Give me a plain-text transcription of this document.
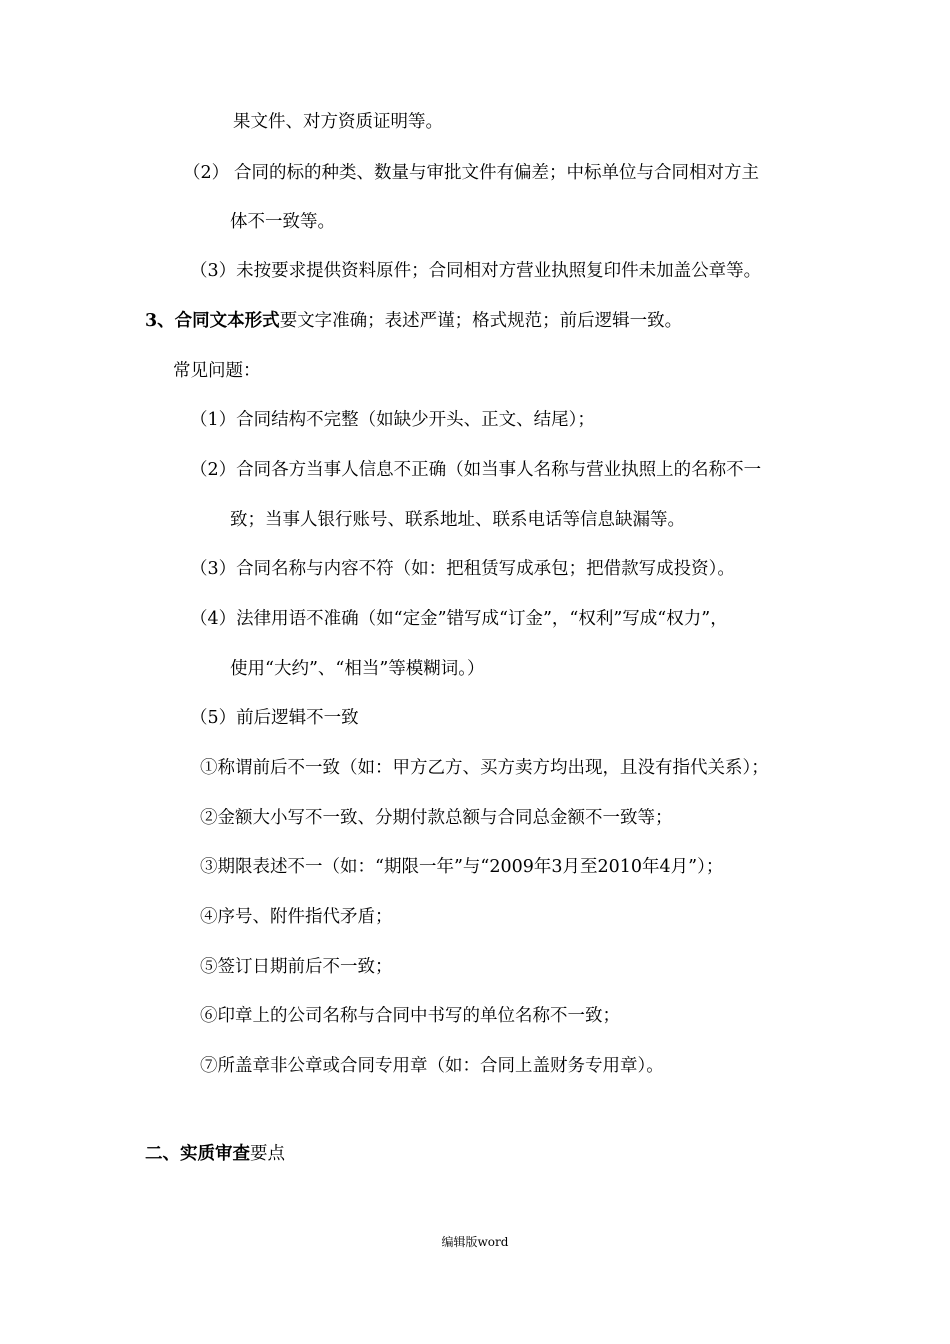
果文件、对方资质证明等。
（2） 合同的标的种类、数量与审批文件有偏差；中标单位与合同相对方主
体不一致等。
（3）未按要求提供资料原件；合同相对方营业执照复印件未加盖公章等。
3、合同文本形式要文字准确；表述严谨；格式规范；前后逻辑一致。
常见问题：
（1）合同结构不完整（如缺少开头、正文、结尾）；
（2）合同各方当事人信息不正确（如当事人名称与营业执照上的名称不一
致；当事人银行账号、联系地址、联系电话等信息缺漏等。
（3）合同名称与内容不符（如：把租赁写成承包；把借款写成投资）。
（4）法律用语不准确（如“定金”错写成“订金”，“权利”写成“权力”，
使用“大约”、“相当”等模糊词。）
（5）前后逻辑不一致
①称谓前后不一致（如：甲方乙方、买方卖方均出现，且没有指代关系）；
②金额大小写不一致、分期付款总额与合同总金额不一致等；
③期限表述不一（如：“期限一年”与“2009年3月至2010年4月”）；
④序号、附件指代矛盾；
⑤签订日期前后不一致；
⑥印章上的公司名称与合同中书写的单位名称不一致；
⑦所盖章非公章或合同专用章（如：合同上盖财务专用章）。
二、实质审查要点
编辑版word
